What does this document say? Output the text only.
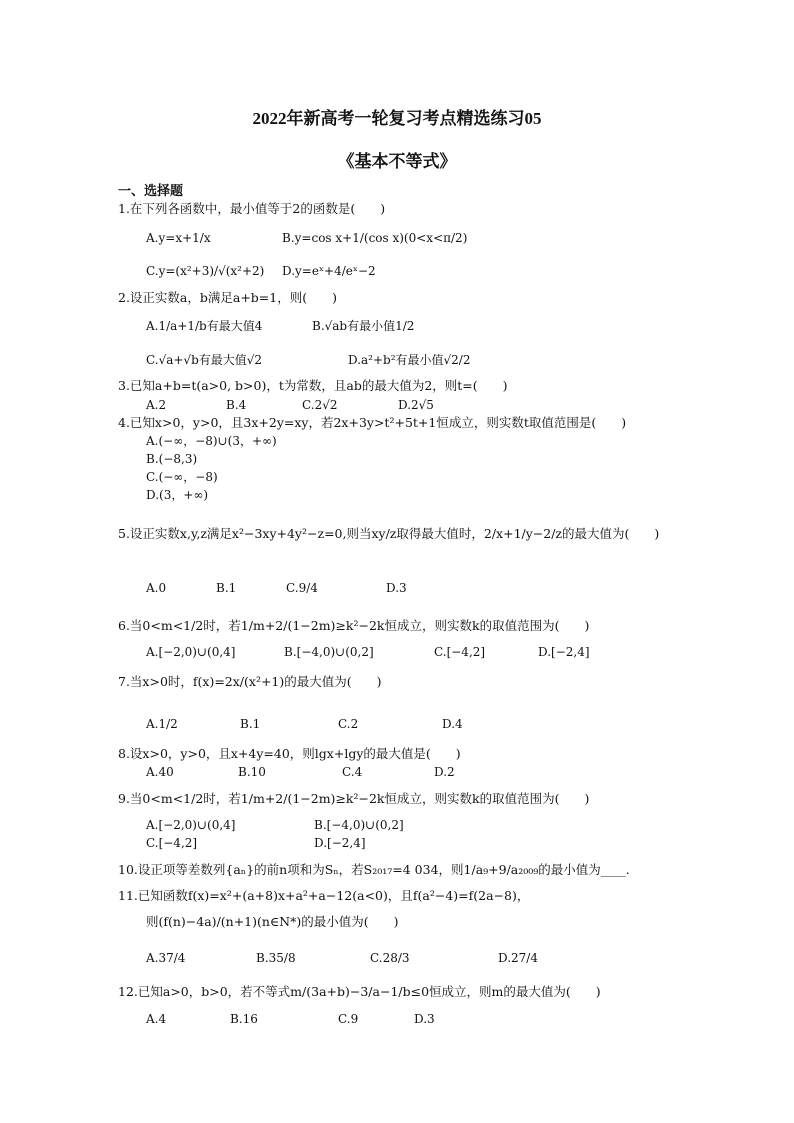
2022年新高考一轮复习考点精选练习05
《基本不等式》
一、选择题
1.在下列各函数中，最小值等于2的函数是(　　)
A.y=x+1/x	B.y=cos x+1/(cos x)(0<x<π/2)
C.y=(x²+3)/√(x²+2) D.y=eˣ+4/eˣ−2
2.设正实数a，b满足a+b=1，则(　　)
A.1/a+1/b有最大值4	B.√ab有最小值1/2
C.√a+√b有最大值√2	D.a²+b²有最小值√2/2
3.已知a+b=t(a>0, b>0)，t为常数，且ab的最大值为2，则t=(　　)
A.2	B.4	C.2√2	D.2√5
4.已知x>0，y>0，且3x+2y=xy，若2x+3y>t²+5t+1恒成立，则实数t取值范围是(　　)
A.(−∞，−8)∪(3，+∞)
B.(−8,3)
C.(−∞，−8)
D.(3，+∞)
5.设正实数x,y,z满足x²−3xy+4y²−z=0,则当xy/z取得最大值时，2/x+1/y−2/z的最大值为(　　)
A.0	B.1	C.9/4	D.3
6.当0<m<1/2时，若1/m+2/(1−2m)≥k²−2k恒成立，则实数k的取值范围为(　　)
A.[−2,0)∪(0,4]	B.[−4,0)∪(0,2]	C.[−4,2]	D.[−2,4]
7.当x>0时，f(x)=2x/(x²+1)的最大值为(　　)
A.1/2	B.1	C.2	D.4
8.设x>0，y>0，且x+4y=40，则lgx+lgy的最大值是(　　)
A.40	B.10	C.4	D.2
9.当0<m<1/2时，若1/m+2/(1−2m)≥k²−2k恒成立，则实数k的取值范围为(　　)
A.[−2,0)∪(0,4]	B.[−4,0)∪(0,2]
C.[−4,2]	D.[−2,4]
10.设正项等差数列{aₙ}的前n项和为Sₙ，若S₂₀₁₇=4 034，则1/a₉+9/a₂₀₀₉的最小值为____.
11.已知函数f(x)=x²+(a+8)x+a²+a−12(a<0)，且f(a²−4)=f(2a−8)，
则(f(n)−4a)/(n+1)(n∈N*)的最小值为(　　)
A.37/4	B.35/8	C.28/3	D.27/4
12.已知a>0，b>0，若不等式m/(3a+b)−3/a−1/b≤0恒成立，则m的最大值为(　　)
A.4	B.16	C.9	D.3
